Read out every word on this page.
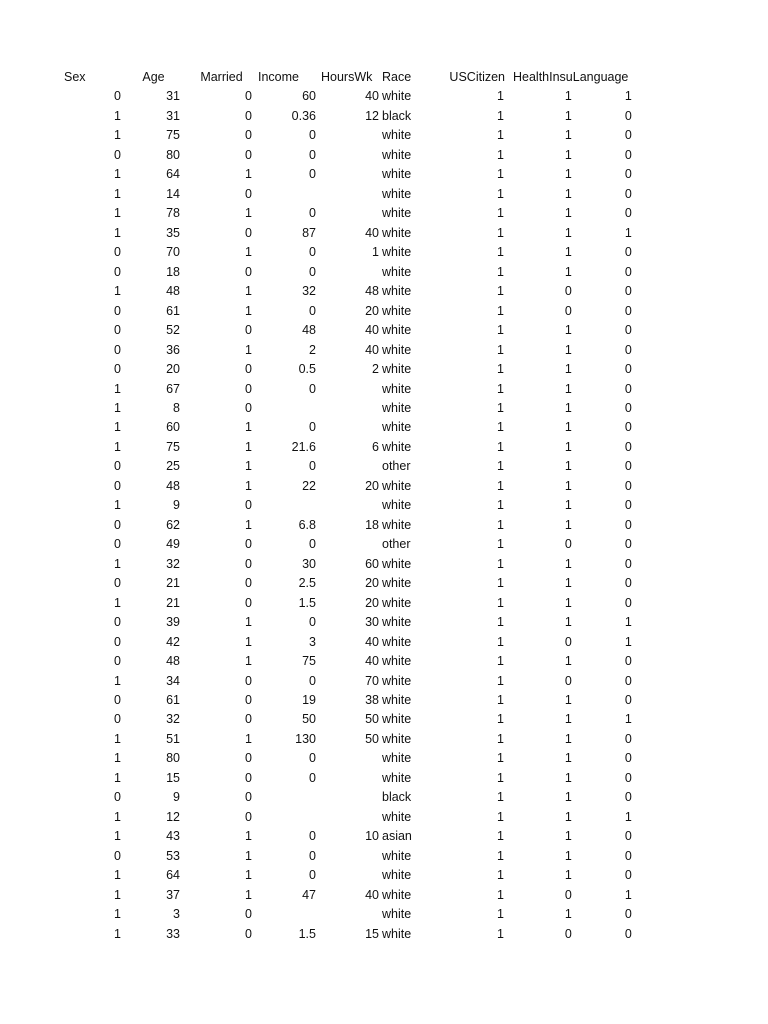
Sex	Age	Married	Income	HoursWk	Race	USCitizen	HealthInsu	Language
0	31	0	60	40	white	1	1	1
1	31	0	0.36	12	black	1	1	0
1	75	0	0		white	1	1	0
0	80	0	0		white	1	1	0
1	64	1	0		white	1	1	0
1	14	0			white	1	1	0
1	78	1	0		white	1	1	0
1	35	0	87	40	white	1	1	1
0	70	1	0	1	white	1	1	0
0	18	0	0		white	1	1	0
1	48	1	32	48	white	1	0	0
0	61	1	0	20	white	1	0	0
0	52	0	48	40	white	1	1	0
0	36	1	2	40	white	1	1	0
0	20	0	0.5	2	white	1	1	0
1	67	0	0		white	1	1	0
1	8	0			white	1	1	0
1	60	1	0		white	1	1	0
1	75	1	21.6	6	white	1	1	0
0	25	1	0		other	1	1	0
0	48	1	22	20	white	1	1	0
1	9	0			white	1	1	0
0	62	1	6.8	18	white	1	1	0
0	49	0	0		other	1	0	0
1	32	0	30	60	white	1	1	0
0	21	0	2.5	20	white	1	1	0
1	21	0	1.5	20	white	1	1	0
0	39	1	0	30	white	1	1	1
0	42	1	3	40	white	1	0	1
0	48	1	75	40	white	1	1	0
1	34	0	0	70	white	1	0	0
0	61	0	19	38	white	1	1	0
0	32	0	50	50	white	1	1	1
1	51	1	130	50	white	1	1	0
1	80	0	0		white	1	1	0
1	15	0	0		white	1	1	0
0	9	0			black	1	1	0
1	12	0			white	1	1	1
1	43	1	0	10	asian	1	1	0
0	53	1	0		white	1	1	0
1	64	1	0		white	1	1	0
1	37	1	47	40	white	1	0	1
1	3	0			white	1	1	0
1	33	0	1.5	15	white	1	0	0
